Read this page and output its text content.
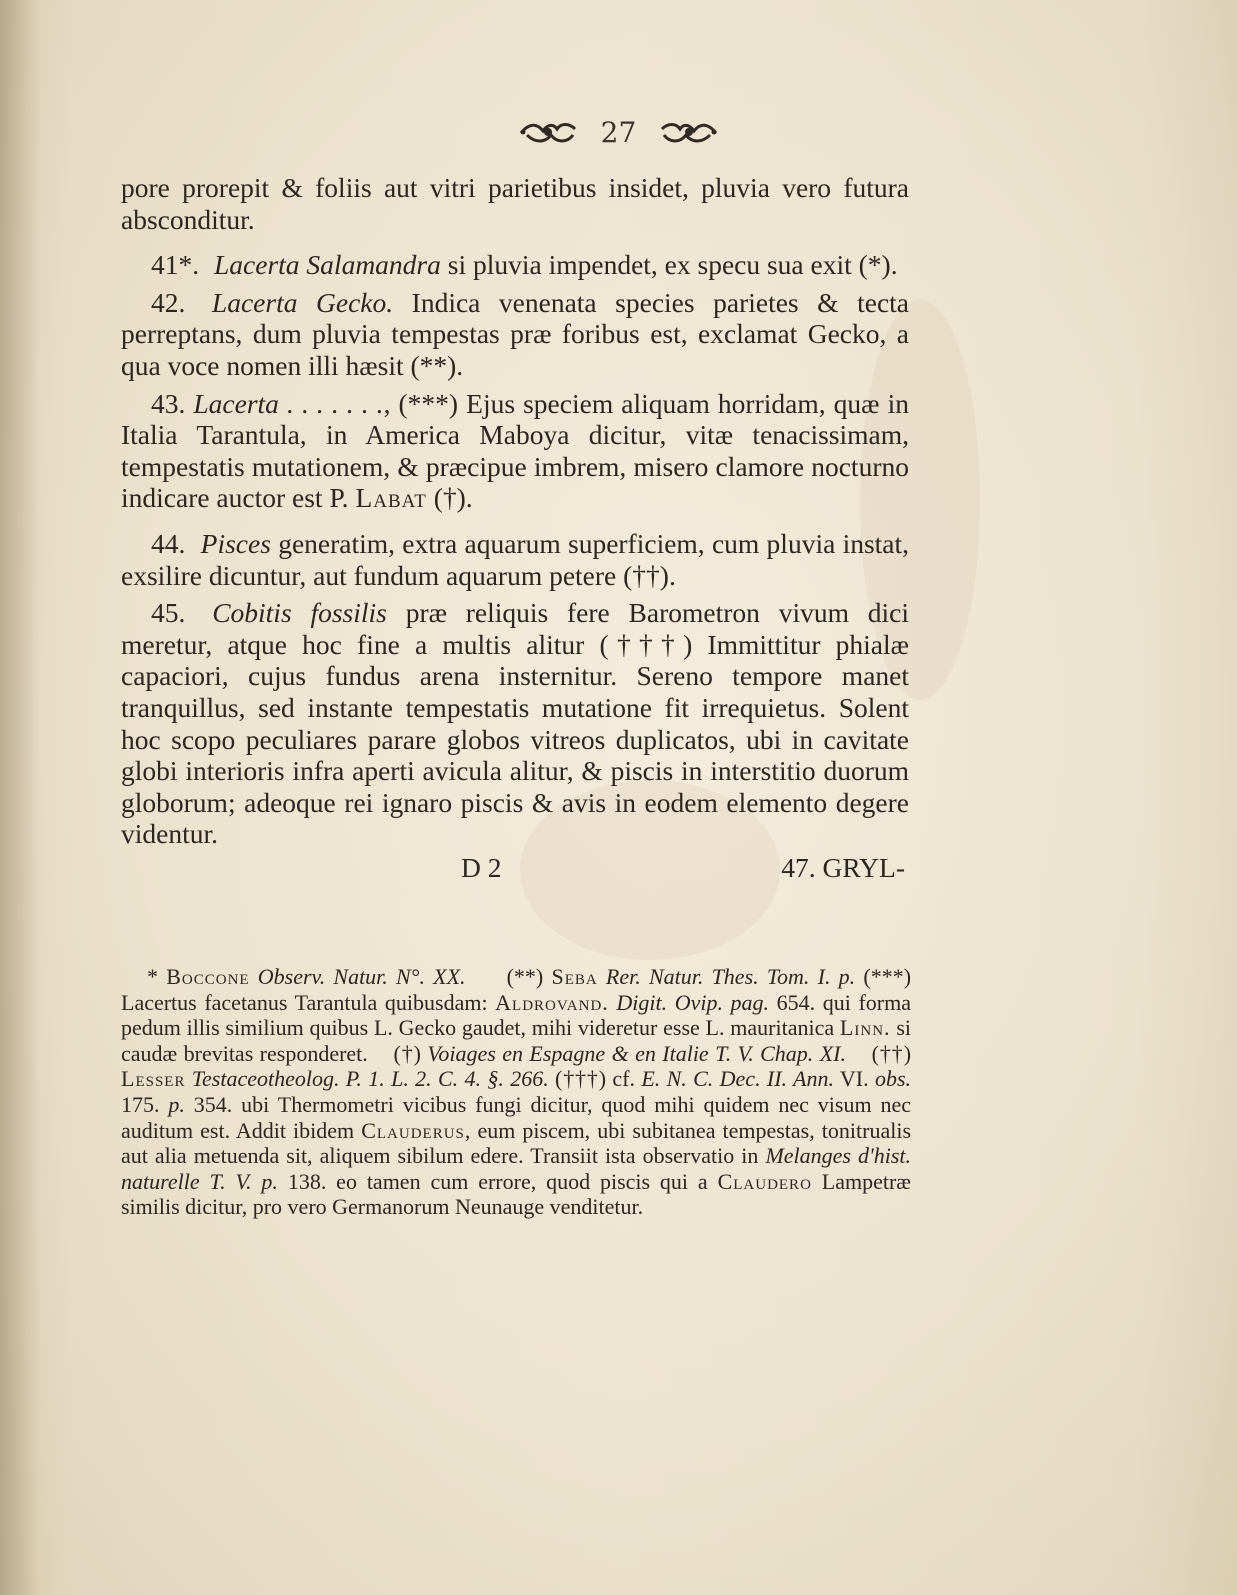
27

pore prorepit & foliis aut vitri parietibus insidet, pluvia vero futura absconditur.

41*. Lacerta Salamandra si pluvia impendet, ex specu sua exit (*).

42. Lacerta Gecko. Indica venenata species parietes & tecta perreptans, dum pluvia tempestas præ foribus est, exclamat Gecko, a qua voce nomen illi hæsit (**).

43. Lacerta . . . . . . ., (***) Ejus speciem aliquam horridam, quæ in Italia Tarantula, in America Maboya dicitur, vitæ tenacissimam, tempestatis mutationem, & præcipue imbrem, misero clamore nocturno indicare auctor est P. Labat (†).

44. Pisces generatim, extra aquarum superficiem, cum pluvia instat, exsilire dicuntur, aut fundum aquarum petere (††).

45. Cobitis fossilis præ reliquis fere Barometron vivum dici meretur, atque hoc fine a multis alitur (†††) Immittitur phialæ capaciori, cujus fundus arena insternitur. Sereno tempore manet tranquillus, sed instante tempestatis mutatione fit irrequietus. Solent hoc scopo peculiares parare globos vitreos duplicatos, ubi in cavitate globi interioris infra aperti avicula alitur, & piscis in interstitio duorum globorum; adeoque rei ignaro piscis & avis in eodem elemento degere videntur.

D 2	47. GRYL-

* Boccone Observ. Natur. N°. XX. (**) Seba Rer. Natur. Thes. Tom. I. p. (***) Lacertus facetanus Tarantula quibusdam: Aldrovand. Digit. Ovip. pag. 654. qui forma pedum illis similium quibus L. Gecko gaudet, mihi videretur esse L. mauritanica Linn. si caudæ brevitas responderet. (†) Voiages en Espagne & en Italie T. V. Chap. XI. (††) Lesser Testaceotheolog. P. 1. L. 2. C. 4. §. 266. (†††) cf. E. N. C. Dec. II. Ann. VI. obs. 175. p. 354. ubi Thermometri vicibus fungi dicitur, quod mihi quidem nec visum nec auditum est. Addit ibidem Clauderus, eum piscem, ubi subitanea tempestas, tonitrualis aut alia metuenda sit, aliquem sibilum edere. Transiit ista observatio in Melanges d'hist. naturelle T. V. p. 138. eo tamen cum errore, quod piscis qui a Claudero Lampetræ similis dicitur, pro vero Germanorum Neunauge venditetur.
